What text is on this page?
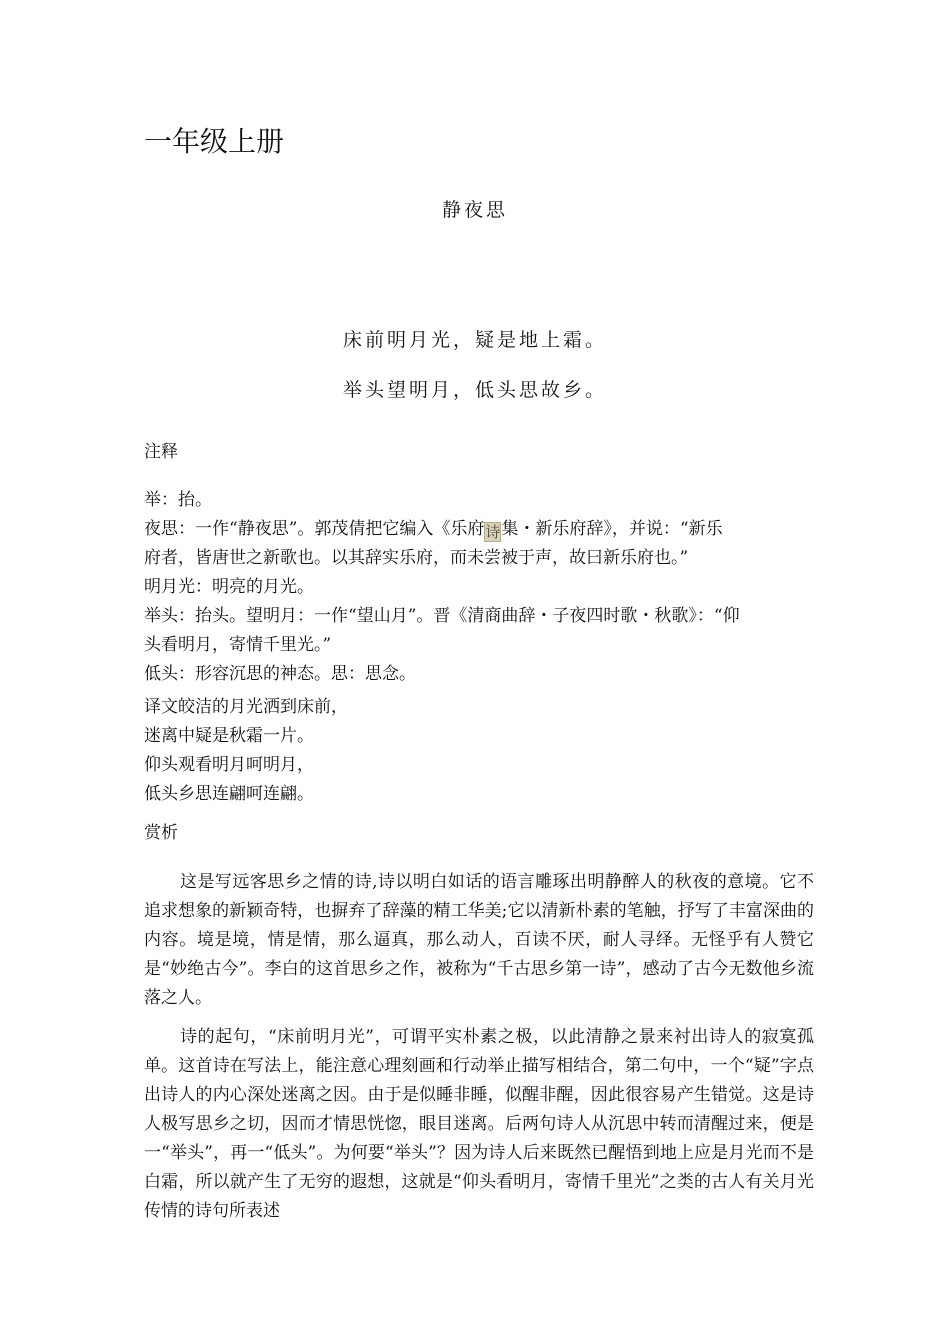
一年级上册
静夜思
床前明月光，疑是地上霜。
举头望明月，低头思故乡。
注释
举：抬。
夜思：一作“静夜思”。郭茂倩把它编入《乐府诗集・新乐府辞》，并说：“新乐
府者，皆唐世之新歌也。以其辞实乐府，而未尝被于声，故曰新乐府也。”
明月光：明亮的月光。
举头：抬头。望明月：一作“望山月”。晋《清商曲辞・子夜四时歌・秋歌》：“仰
头看明月，寄情千里光。”
低头：形容沉思的神态。思：思念。
译文皎洁的月光洒到床前，
迷离中疑是秋霜一片。
仰头观看明月呵明月，
低头乡思连翩呵连翩。
赏析

这是写远客思乡之情的诗,诗以明白如话的语言雕琢出明静醉人的秋夜的意境。它不追求想象的新颖奇特，也摒弃了辞藻的精工华美;它以清新朴素的笔触，抒写了丰富深曲的内容。境是境，情是情，那么逼真，那么动人，百读不厌，耐人寻绎。无怪乎有人赞它是“妙绝古今”。李白的这首思乡之作，被称为“千古思乡第一诗”，感动了古今无数他乡流落之人。

诗的起句，“床前明月光”，可谓平实朴素之极，以此清静之景来衬出诗人的寂寞孤单。这首诗在写法上，能注意心理刻画和行动举止描写相结合，第二句中，一个“疑”字点出诗人的内心深处迷离之因。由于是似睡非睡，似醒非醒，因此很容易产生错觉。这是诗人极写思乡之切，因而才情思恍惚，眼目迷离。后两句诗人从沉思中转而清醒过来，便是一“举头”，再一“低头”。为何要“举头”？因为诗人后来既然已醒悟到地上应是月光而不是白霜，所以就产生了无穷的遐想，这就是“仰头看明月，寄情千里光”之类的古人有关月光传情的诗句所表述
